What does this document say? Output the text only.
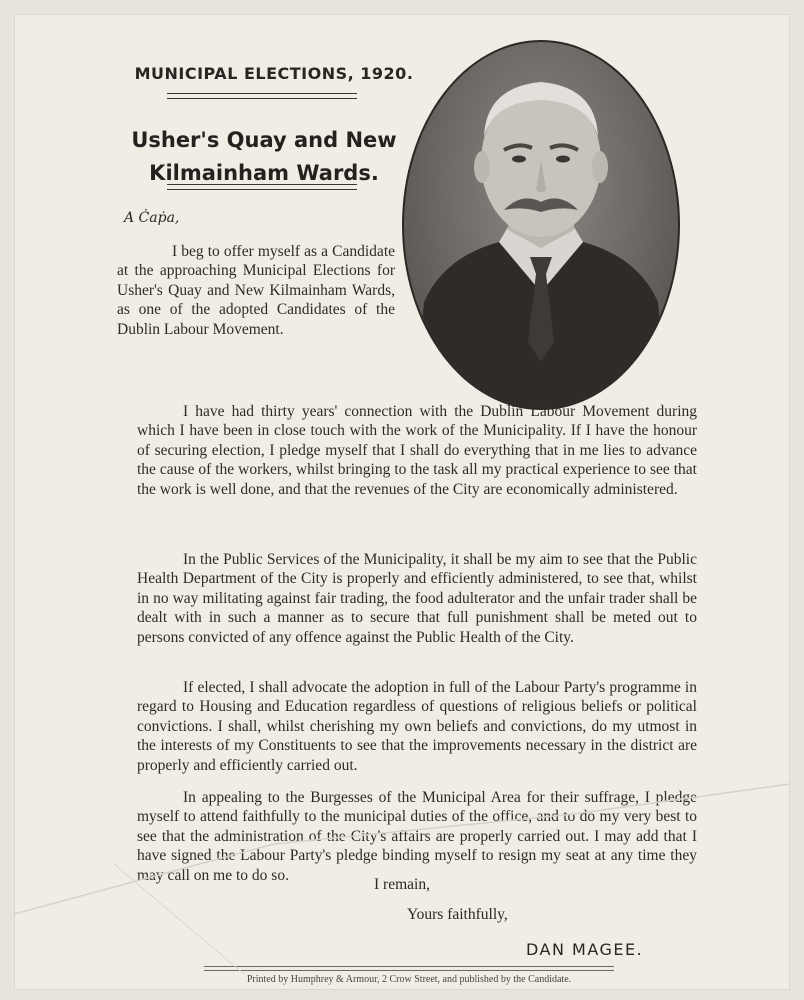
MUNICIPAL ELECTIONS, 1920.
Usher's Quay and New
Kilmainham Wards.
A Ċaṗa,

I beg to offer myself as a Candidate at the approaching Municipal Elections for Usher's Quay and New Kilmainham Wards, as one of the adopted Candidates of the Dublin Labour Movement.

I have had thirty years' connection with the Dublin Labour Movement during which I have been in close touch with the work of the Municipality. If I have the honour of securing election, I pledge myself that I shall do everything that in me lies to advance the cause of the workers, whilst bringing to the task all my practical experience to see that the work is well done, and that the revenues of the City are economically administered.

In the Public Services of the Municipality, it shall be my aim to see that the Public Health Department of the City is properly and efficiently administered, to see that, whilst in no way militating against fair trading, the food adulterator and the unfair trader shall be dealt with in such a manner as to secure that full punishment shall be meted out to persons convicted of any offence against the Public Health of the City.

If elected, I shall advocate the adoption in full of the Labour Party's programme in regard to Housing and Education regardless of questions of religious beliefs or political convictions. I shall, whilst cherishing my own beliefs and convictions, do my utmost in the interests of my Constituents to see that the improvements necessary in the district are properly and efficiently carried out.

In appealing to the Burgesses of the Municipal Area for their suffrage, I pledge myself to attend faithfully to the municipal duties of the office, and to do my very best to see that the administration of the City's affairs are properly carried out. I may add that I have signed the Labour Party's pledge binding myself to resign my seat at any time they may call on me to do so.

I remain,
Yours faithfully,
DAN MAGEE.
Printed by Humphrey & Armour, 2 Crow Street, and published by the Candidate.
